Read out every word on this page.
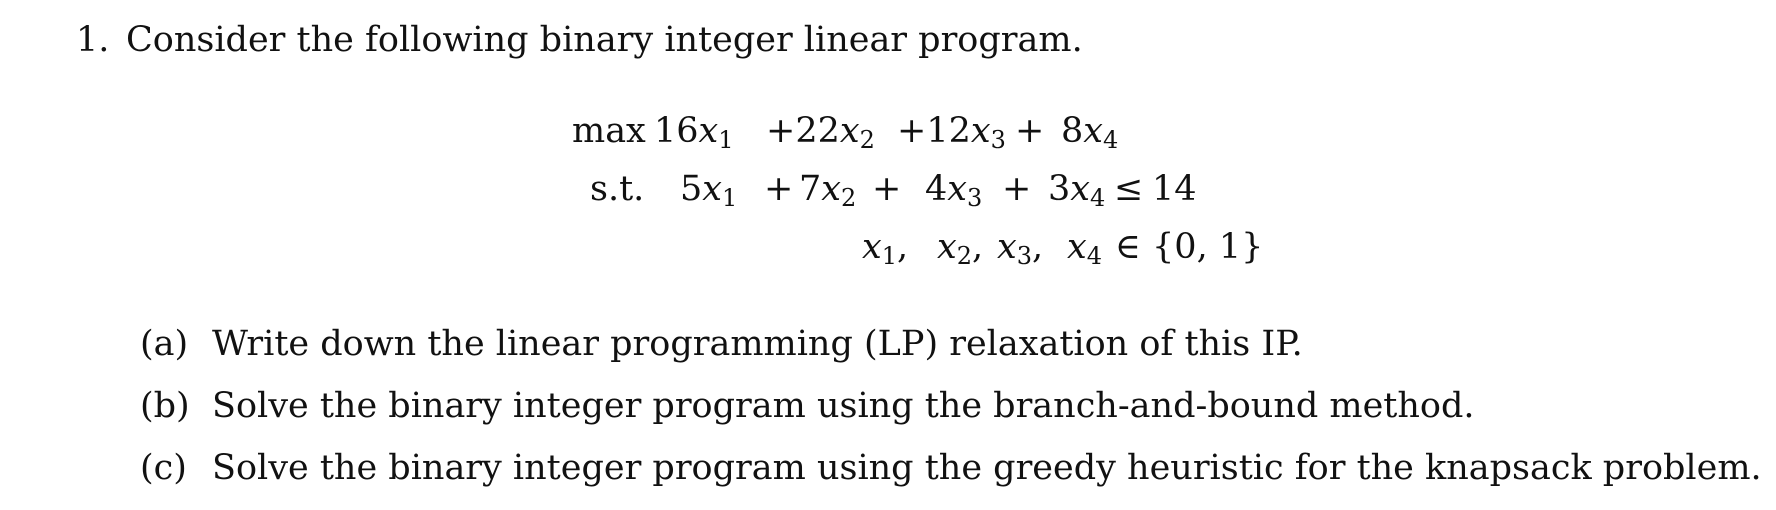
1. Consider the following binary integer linear program.
$\max 16x_1 +22x_2 +12x_3 + 8x_4$
s.t. $5x_1 + 7x_2 + 4x_3 + 3x_4 \le 14$
$x_1$, $x_2$, $x_3$, $x_4$ ∈ {0, 1}
(a) Write down the linear programming (LP) relaxation of this IP.
(b) Solve the binary integer program using the branch-and-bound method.
(c) Solve the binary integer program using the greedy heuristic for the knapsack problem.
